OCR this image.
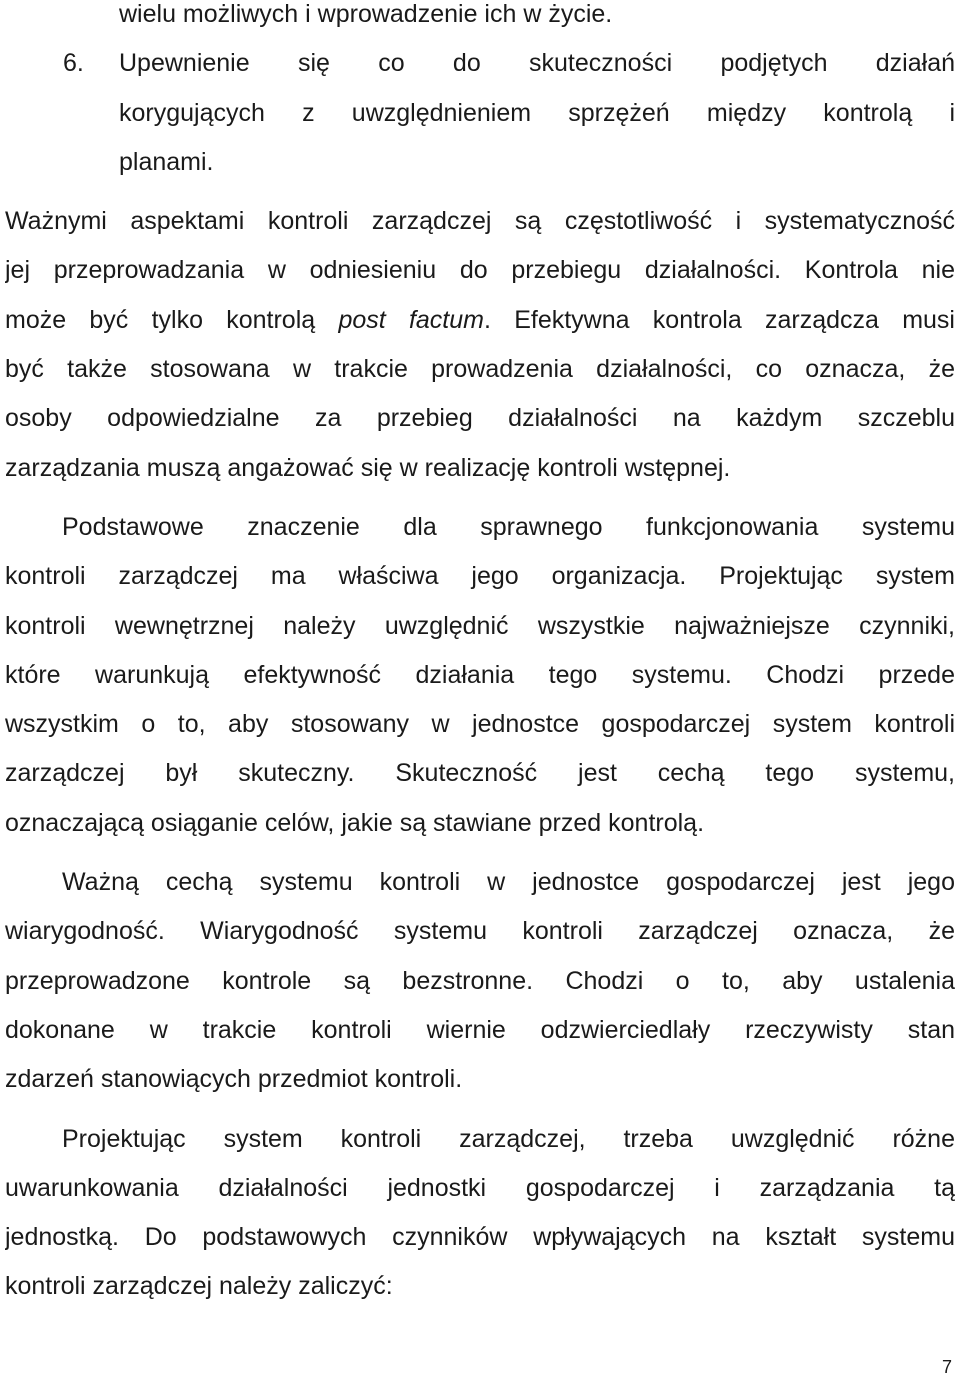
wielu możliwych i wprowadzenie ich w życie.
6.	Upewnienie się co do skuteczności podjętych działań
korygujących z uwzględnieniem sprzężeń między kontrolą i
planami.
Ważnymi aspektami kontroli zarządczej są częstotliwość i systematyczność
jej przeprowadzania w odniesieniu do przebiegu działalności. Kontrola nie
może być tylko kontrolą post factum. Efektywna kontrola zarządcza musi
być także stosowana w trakcie prowadzenia działalności, co oznacza, że
osoby odpowiedzialne za przebieg działalności na każdym szczeblu
zarządzania muszą angażować się w realizację kontroli wstępnej.
Podstawowe znaczenie dla sprawnego funkcjonowania systemu
kontroli zarządczej ma właściwa jego organizacja. Projektując system
kontroli wewnętrznej należy uwzględnić wszystkie najważniejsze czynniki,
które warunkują efektywność działania tego systemu. Chodzi przede
wszystkim o to, aby stosowany w jednostce gospodarczej system kontroli
zarządczej był skuteczny. Skuteczność jest cechą tego systemu,
oznaczającą osiąganie celów, jakie są stawiane przed kontrolą.
Ważną cechą systemu kontroli w jednostce gospodarczej jest jego
wiarygodność. Wiarygodność systemu kontroli zarządczej oznacza, że
przeprowadzone kontrole są bezstronne. Chodzi o to, aby ustalenia
dokonane w trakcie kontroli wiernie odzwierciedlały rzeczywisty stan
zdarzeń stanowiących przedmiot kontroli.
Projektując system kontroli zarządczej, trzeba uwzględnić różne
uwarunkowania działalności jednostki gospodarczej i zarządzania tą
jednostką. Do podstawowych czynników wpływających na kształt systemu
kontroli zarządczej należy zaliczyć:
7
